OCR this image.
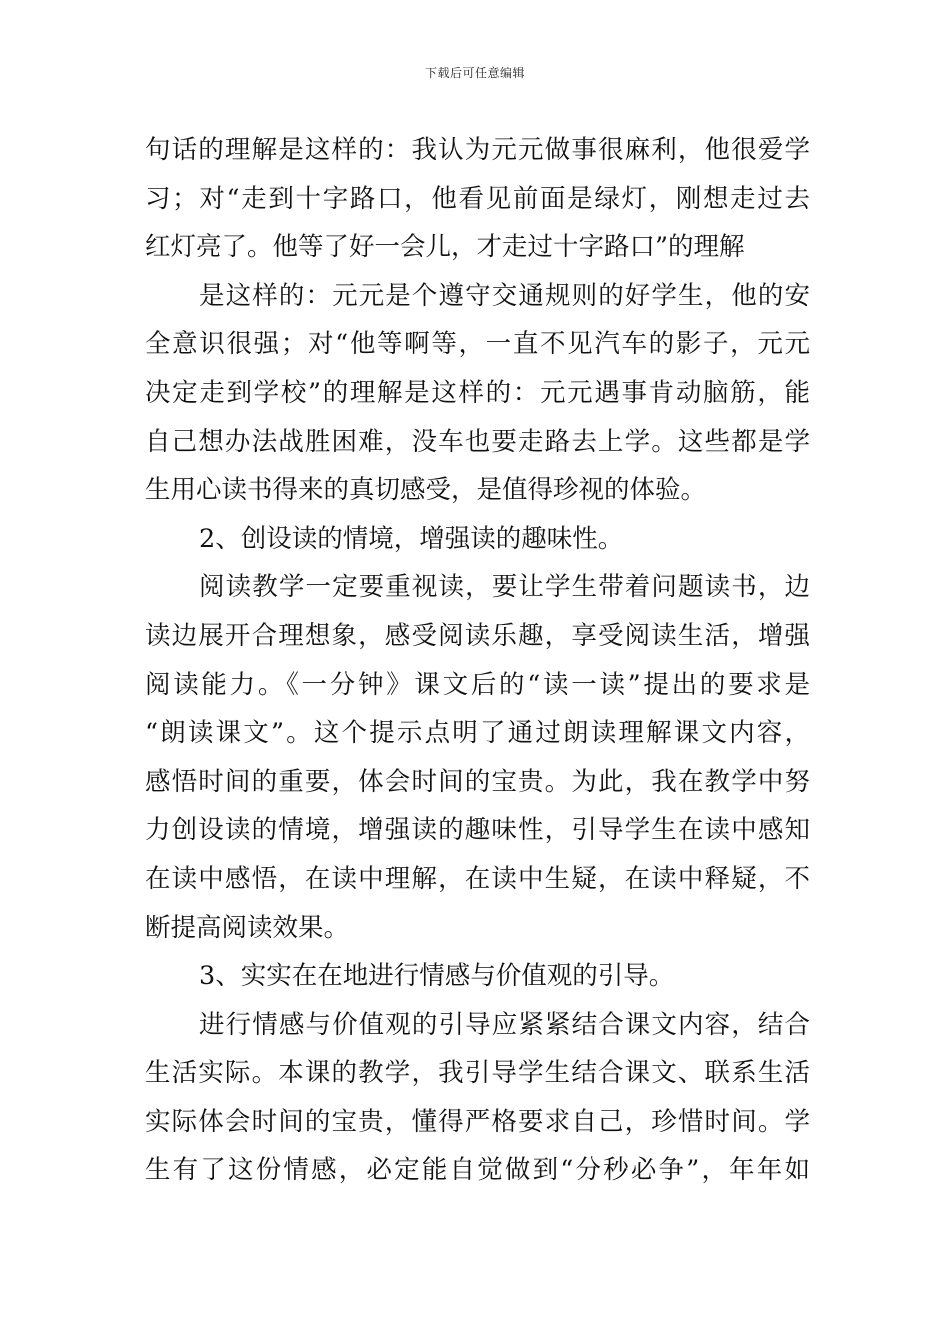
下载后可任意编辑
句话的理解是这样的：我认为元元做事很麻利，他很爱学
习；对“走到十字路口，他看见前面是绿灯，刚想走过去
红灯亮了。他等了好一会儿，才走过十字路口”的理解
是这样的：元元是个遵守交通规则的好学生，他的安
全意识很强；对“他等啊等，一直不见汽车的影子，元元
决定走到学校”的理解是这样的：元元遇事肯动脑筋，能
自己想办法战胜困难，没车也要走路去上学。这些都是学
生用心读书得来的真切感受，是值得珍视的体验。
2、创设读的情境，增强读的趣味性。
阅读教学一定要重视读，要让学生带着问题读书，边
读边展开合理想象，感受阅读乐趣，享受阅读生活，增强
阅读能力。《一分钟》课文后的“读一读”提出的要求是
“朗读课文”。这个提示点明了通过朗读理解课文内容，
感悟时间的重要，体会时间的宝贵。为此，我在教学中努
力创设读的情境，增强读的趣味性，引导学生在读中感知
在读中感悟，在读中理解，在读中生疑，在读中释疑，不
断提高阅读效果。
3、实实在在地进行情感与价值观的引导。
进行情感与价值观的引导应紧紧结合课文内容，结合
生活实际。本课的教学，我引导学生结合课文、联系生活
实际体会时间的宝贵，懂得严格要求自己，珍惜时间。学
生有了这份情感，必定能自觉做到“分秒必争”，年年如
